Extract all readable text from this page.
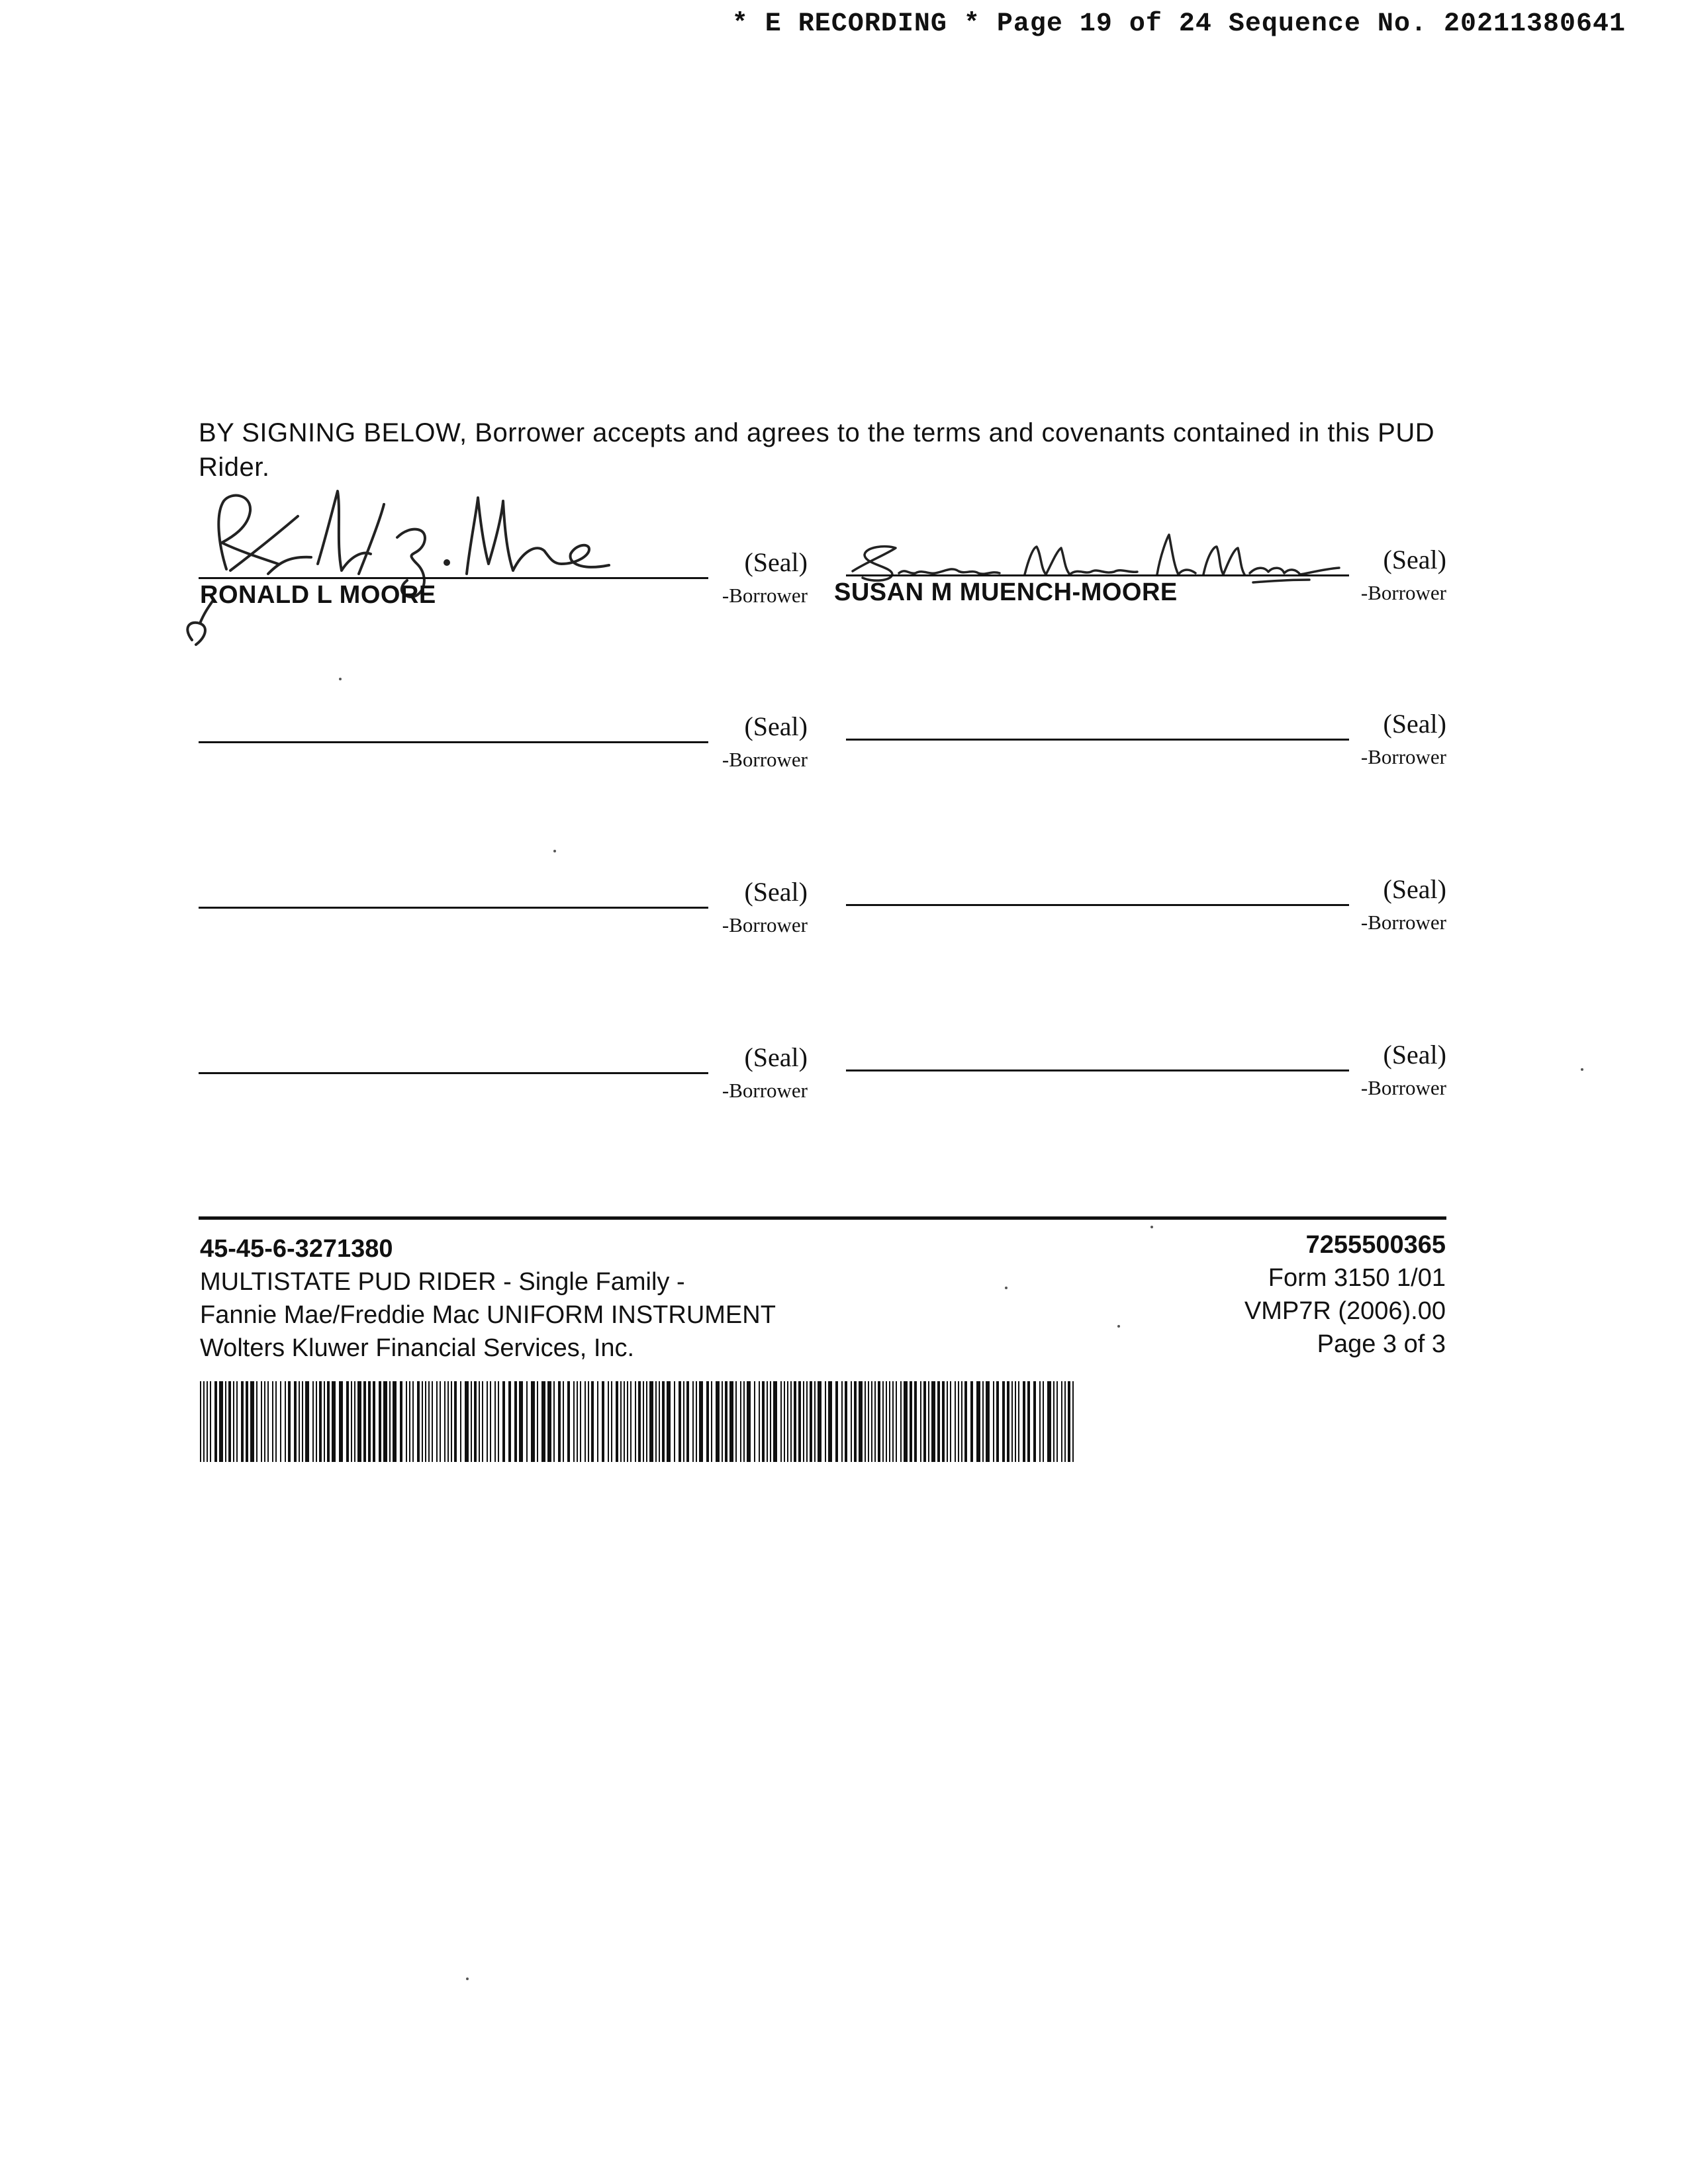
* E RECORDING * Page 19 of 24 Sequence No. 20211380641
BY SIGNING BELOW, Borrower accepts and agrees to the terms and covenants contained in this PUD Rider.
(Seal)
RONALD L MOORE	-Borrower
(Seal)
SUSAN M MUENCH-MOORE	-Borrower
(Seal)
-Borrower
(Seal)
-Borrower
(Seal)
-Borrower
(Seal)
-Borrower
(Seal)
-Borrower
(Seal)
-Borrower
45-45-6-3271380
MULTISTATE PUD RIDER - Single Family -
Fannie Mae/Freddie Mac UNIFORM INSTRUMENT
Wolters Kluwer Financial Services, Inc.
7255500365
Form 3150 1/01
VMP7R (2006).00
Page 3 of 3
